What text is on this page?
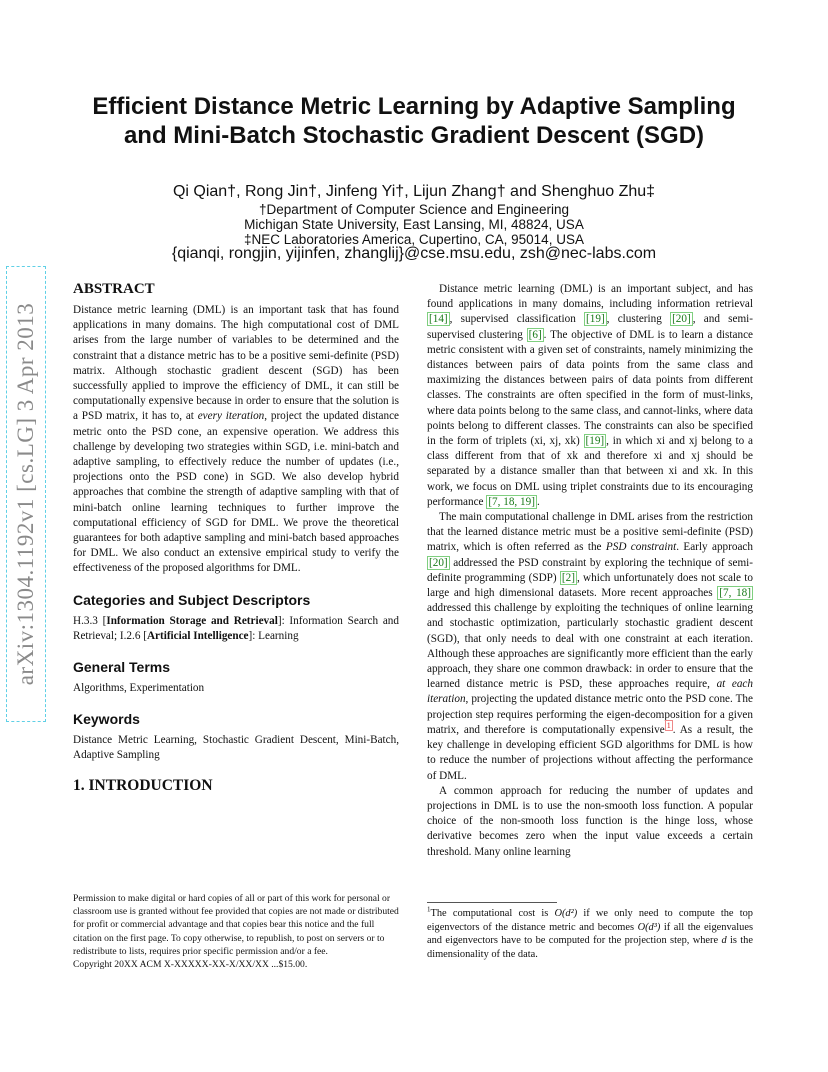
Efficient Distance Metric Learning by Adaptive Sampling
and Mini-Batch Stochastic Gradient Descent (SGD)
Qi Qian†, Rong Jin†, Jinfeng Yi†, Lijun Zhang† and Shenghuo Zhu‡
†Department of Computer Science and Engineering
Michigan State University, East Lansing, MI, 48824, USA
‡NEC Laboratories America, Cupertino, CA, 95014, USA
{qianqi, rongjin, yijinfen, zhanglij}@cse.msu.edu, zsh@nec-labs.com
arXiv:1304.1192v1 [cs.LG] 3 Apr 2013
ABSTRACT

Distance metric learning (DML) is an important task that has found applications in many domains. The high computational cost of DML arises from the large number of variables to be determined and the constraint that a distance metric has to be a positive semi-definite (PSD) matrix. Although stochastic gradient descent (SGD) has been successfully applied to improve the efficiency of DML, it can still be computationally expensive because in order to ensure that the solution is a PSD matrix, it has to, at every iteration, project the updated distance metric onto the PSD cone, an expensive operation. We address this challenge by developing two strategies within SGD, i.e. mini-batch and adaptive sampling, to effectively reduce the number of updates (i.e., projections onto the PSD cone) in SGD. We also develop hybrid approaches that combine the strength of adaptive sampling with that of mini-batch online learning techniques to further improve the computational efficiency of SGD for DML. We prove the theoretical guarantees for both adaptive sampling and mini-batch based approaches for DML. We also conduct an extensive empirical study to verify the effectiveness of the proposed algorithms for DML.

Categories and Subject Descriptors

H.3.3 [Information Storage and Retrieval]: Information Search and Retrieval; I.2.6 [Artificial Intelligence]: Learning

General Terms

Algorithms, Experimentation

Keywords

Distance Metric Learning, Stochastic Gradient Descent, Mini-Batch, Adaptive Sampling

1. INTRODUCTION

Permission to make digital or hard copies of all or part of this work for personal or classroom use is granted without fee provided that copies are not made or distributed for profit or commercial advantage and that copies bear this notice and the full citation on the first page. To copy otherwise, to republish, to post on servers or to redistribute to lists, requires prior specific permission and/or a fee.

Copyright 20XX ACM X-XXXXX-XX-X/XX/XX ...$15.00.

Distance metric learning (DML) is an important subject, and has found applications in many domains, including information retrieval [14] , supervised classification [19] , clustering [20] , and semi-supervised clustering [6] . The objective of DML is to learn a distance metric consistent with a given set of constraints, namely minimizing the distances between pairs of data points from the same class and maximizing the distances between pairs of data points from different classes. The constraints are often specified in the form of must-links, where data points belong to the same class, and cannot-links, where data points belong to different classes. The constraints can also be specified in the form of triplets (xi, xj, xk) [19] , in which xi and xj belong to a class different from that of xk and therefore xi and xj should be separated by a distance smaller than that between xi and xk. In this work, we focus on DML using triplet constraints due to its encouraging performance [7, 18, 19] .

The main computational challenge in DML arises from the restriction that the learned distance metric must be a positive semi-definite (PSD) matrix, which is often referred as the PSD constraint. Early approach [20] addressed the PSD constraint by exploring the technique of semi-definite programming (SDP) [2] , which unfortunately does not scale to large and high dimensional datasets. More recent approaches [7, 18] addressed this challenge by exploiting the techniques of online learning and stochastic optimization, particularly stochastic gradient descent (SGD), that only needs to deal with one constraint at each iteration. Although these approaches are significantly more efficient than the early approach, they share one common drawback: in order to ensure that the learned distance metric is PSD, these approaches require, at each iteration, projecting the updated distance metric onto the PSD cone. The projection step requires performing the eigen-decomposition for a given matrix, and therefore is computationally expensive $^1$ . As a result, the key challenge in developing efficient SGD algorithms for DML is how to reduce the number of projections without affecting the performance of DML.

A common approach for reducing the number of updates and projections in DML is to use the non-smooth loss function. A popular choice of the non-smooth loss function is the hinge loss, whose derivative becomes zero when the input value exceeds a certain threshold. Many online learning

$^1$The computational cost is O(d²) if we only need to compute the top eigenvectors of the distance metric and becomes O(d³) if all the eigenvalues and eigenvectors have to be computed for the projection step, where d is the dimensionality of the data.
